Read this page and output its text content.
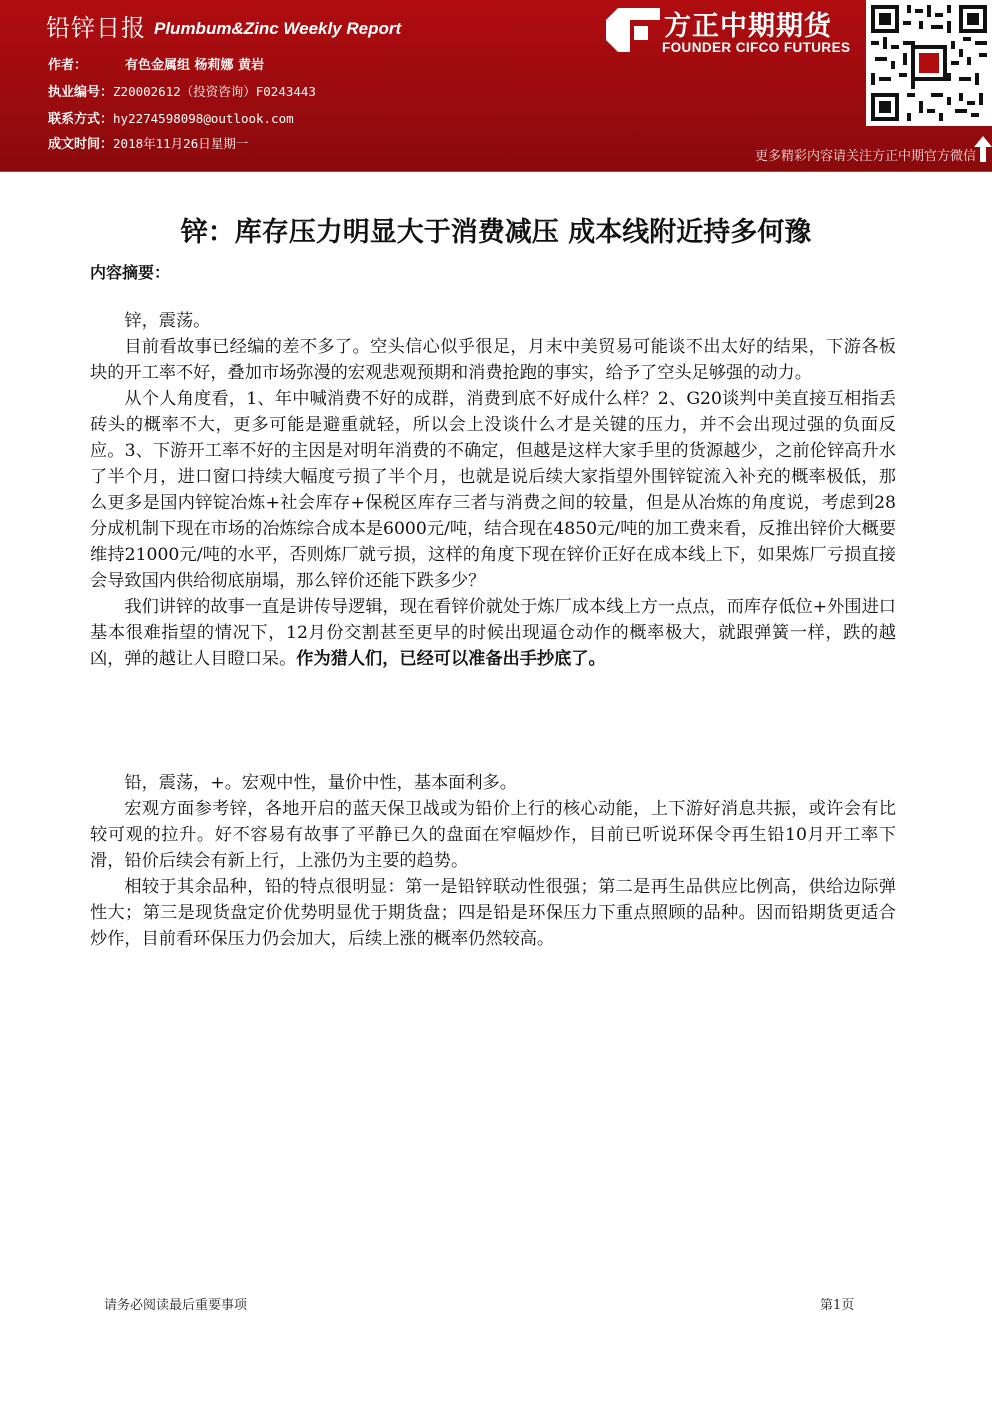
铅锌日报 Plumbum&Zinc Weekly Report
作者：	有色金属组 杨莉娜 黄岩
执业编号：Z20002612（投资咨询）F0243443
联系方式：hy2274598098@outlook.com
成文时间：2018年11月26日星期一
方正中期期货
FOUNDER CIFCO FUTURES
更多精彩内容请关注方正中期官方微信
锌：库存压力明显大于消费减压 成本线附近持多何豫
内容摘要：

锌，震荡。

目前看故事已经编的差不多了。空头信心似乎很足，月末中美贸易可能谈不出太好的结果，下游各板块的开工率不好，叠加市场弥漫的宏观悲观预期和消费抢跑的事实，给予了空头足够强的动力。

从个人角度看，1、年中喊消费不好的成群，消费到底不好成什么样？2、G20谈判中美直接互相指丢砖头的概率不大，更多可能是避重就轻，所以会上没谈什么才是关键的压力，并不会出现过强的负面反应。3、下游开工率不好的主因是对明年消费的不确定，但越是这样大家手里的货源越少，之前伦锌高升水了半个月，进口窗口持续大幅度亏损了半个月，也就是说后续大家指望外围锌锭流入补充的概率极低，那么更多是国内锌锭冶炼+社会库存+保税区库存三者与消费之间的较量，但是从冶炼的角度说，考虑到28分成机制下现在市场的冶炼综合成本是6000元/吨，结合现在4850元/吨的加工费来看，反推出锌价大概要维持21000元/吨的水平，否则炼厂就亏损，这样的角度下现在锌价正好在成本线上下，如果炼厂亏损直接会导致国内供给彻底崩塌，那么锌价还能下跌多少？

我们讲锌的故事一直是讲传导逻辑，现在看锌价就处于炼厂成本线上方一点点，而库存低位+外围进口基本很难指望的情况下，12月份交割甚至更早的时候出现逼仓动作的概率极大，就跟弹簧一样，跌的越凶，弹的越让人目瞪口呆。作为猎人们，已经可以准备出手抄底了。

铅，震荡，+。宏观中性，量价中性，基本面利多。

宏观方面参考锌，各地开启的蓝天保卫战或为铅价上行的核心动能，上下游好消息共振，或许会有比较可观的拉升。好不容易有故事了平静已久的盘面在窄幅炒作，目前已听说环保令再生铅10月开工率下滑，铅价后续会有新上行，上涨仍为主要的趋势。

相较于其余品种，铅的特点很明显：第一是铅锌联动性很强；第二是再生品供应比例高，供给边际弹性大；第三是现货盘定价优势明显优于期货盘；四是铅是环保压力下重点照顾的品种。因而铅期货更适合炒作，目前看环保压力仍会加大，后续上涨的概率仍然较高。

请务必阅读最后重要事项	第1页
